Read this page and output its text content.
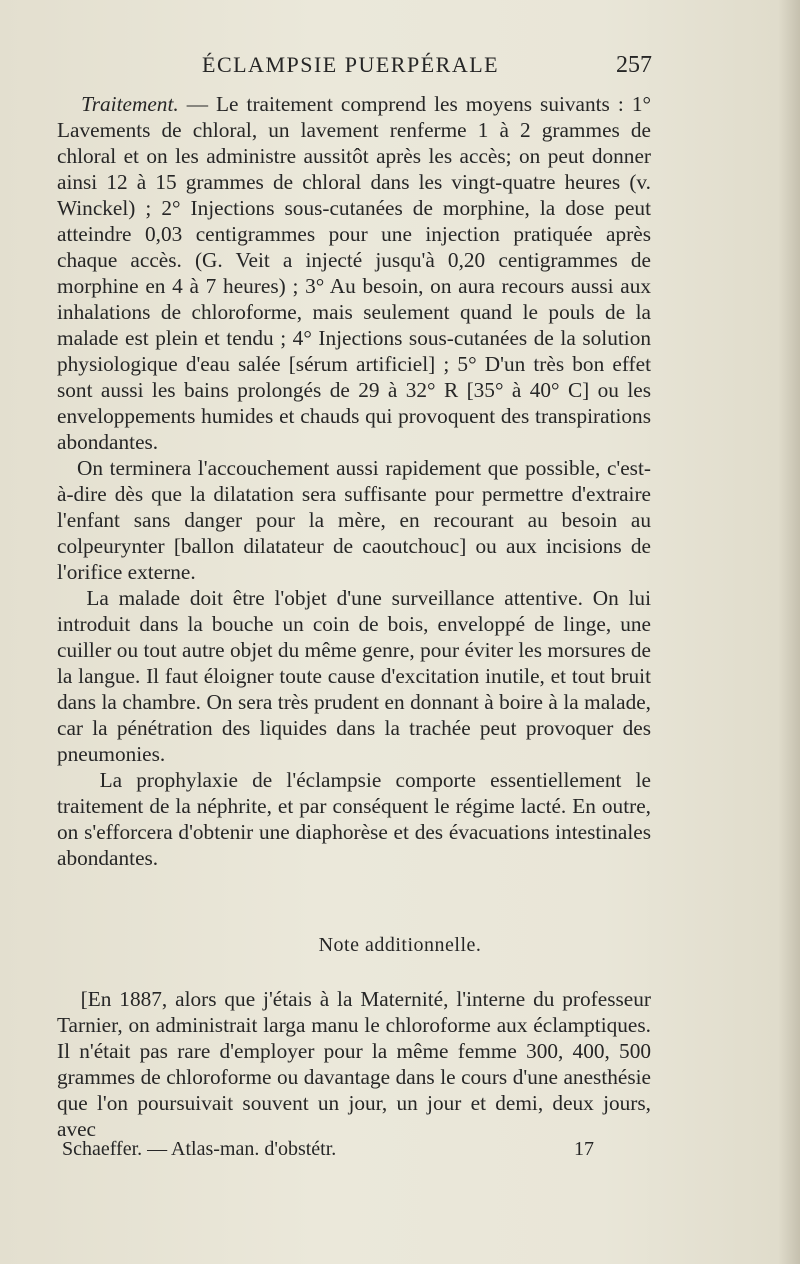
ÉCLAMPSIE PUERPÉRALE	257

Traitement. — Le traitement comprend les moyens suivants : 1° Lavements de chloral, un lavement renferme 1 à 2 grammes de chloral et on les administre aussitôt après les accès; on peut donner ainsi 12 à 15 grammes de chloral dans les vingt-quatre heures (v. Winckel) ; 2° Injections sous-cutanées de morphine, la dose peut atteindre 0,03 centigrammes pour une injection pratiquée après chaque accès. (G. Veit a injecté jusqu'à 0,20 centigrammes de morphine en 4 à 7 heures) ; 3° Au besoin, on aura recours aussi aux inhalations de chloroforme, mais seulement quand le pouls de la malade est plein et tendu ; 4° Injections sous-cutanées de la solution physiologique d'eau salée [sérum artificiel] ; 5° D'un très bon effet sont aussi les bains prolongés de 29 à 32° R [35° à 40° C] ou les enveloppements humides et chauds qui provoquent des transpirations abondantes.

On terminera l'accouchement aussi rapidement que possible, c'est-à-dire dès que la dilatation sera suffisante pour permettre d'extraire l'enfant sans danger pour la mère, en recourant au besoin au colpeurynter [ballon dilatateur de caoutchouc] ou aux incisions de l'orifice externe.

La malade doit être l'objet d'une surveillance attentive. On lui introduit dans la bouche un coin de bois, enveloppé de linge, une cuiller ou tout autre objet du même genre, pour éviter les morsures de la langue. Il faut éloigner toute cause d'excitation inutile, et tout bruit dans la chambre. On sera très prudent en donnant à boire à la malade, car la pénétration des liquides dans la trachée peut provoquer des pneumonies.

La prophylaxie de l'éclampsie comporte essentiellement le traitement de la néphrite, et par conséquent le régime lacté. En outre, on s'efforcera d'obtenir une diaphorèse et des évacuations intestinales abondantes.

Note additionnelle.

[En 1887, alors que j'étais à la Maternité, l'interne du professeur Tarnier, on administrait larga manu le chloroforme aux éclamptiques. Il n'était pas rare d'employer pour la même femme 300, 400, 500 grammes de chloroforme ou davantage dans le cours d'une anesthésie que l'on poursuivait souvent un jour, un jour et demi, deux jours, avec

Schaeffer. — Atlas-man. d'obstétr.	17
